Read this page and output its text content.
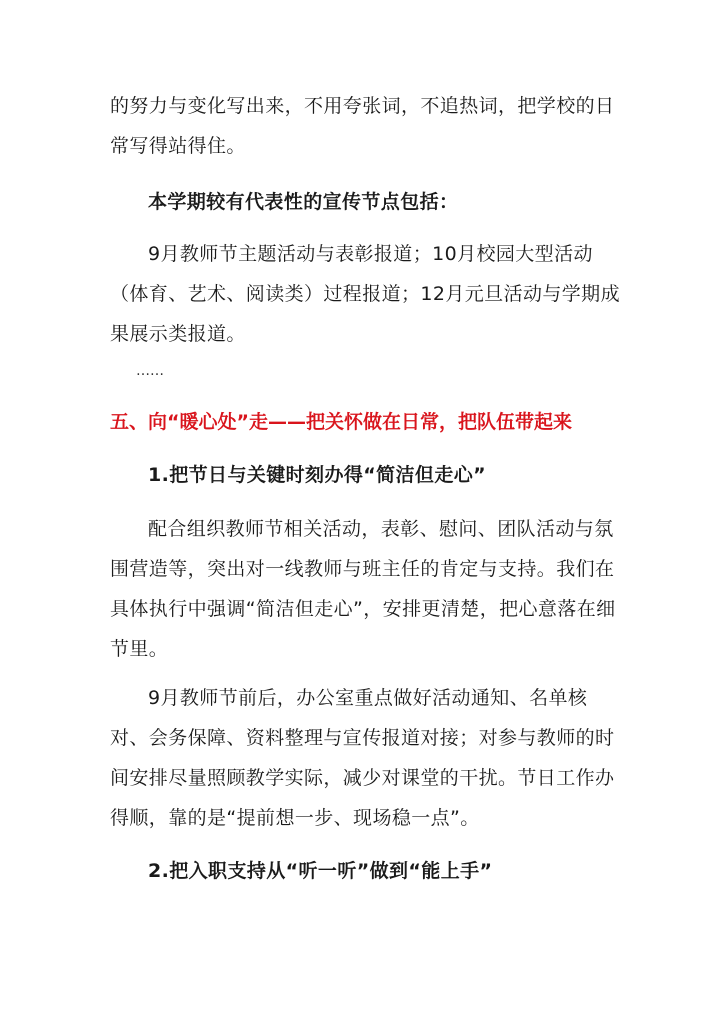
的努力与变化写出来，不用夸张词，不追热词，把学校的日常写得站得住。

本学期较有代表性的宣传节点包括：

9月教师节主题活动与表彰报道；10月校园大型活动（体育、艺术、阅读类）过程报道；12月元旦活动与学期成果展示类报道。

……

五、向“暖心处”走——把关怀做在日常，把队伍带起来

1.把节日与关键时刻办得“简洁但走心”

配合组织教师节相关活动，表彰、慰问、团队活动与氛围营造等，突出对一线教师与班主任的肯定与支持。我们在具体执行中强调“简洁但走心”，安排更清楚，把心意落在细节里。

9月教师节前后，办公室重点做好活动通知、名单核对、会务保障、资料整理与宣传报道对接；对参与教师的时间安排尽量照顾教学实际，减少对课堂的干扰。节日工作办得顺，靠的是“提前想一步、现场稳一点”。

2.把入职支持从“听一听”做到“能上手”
